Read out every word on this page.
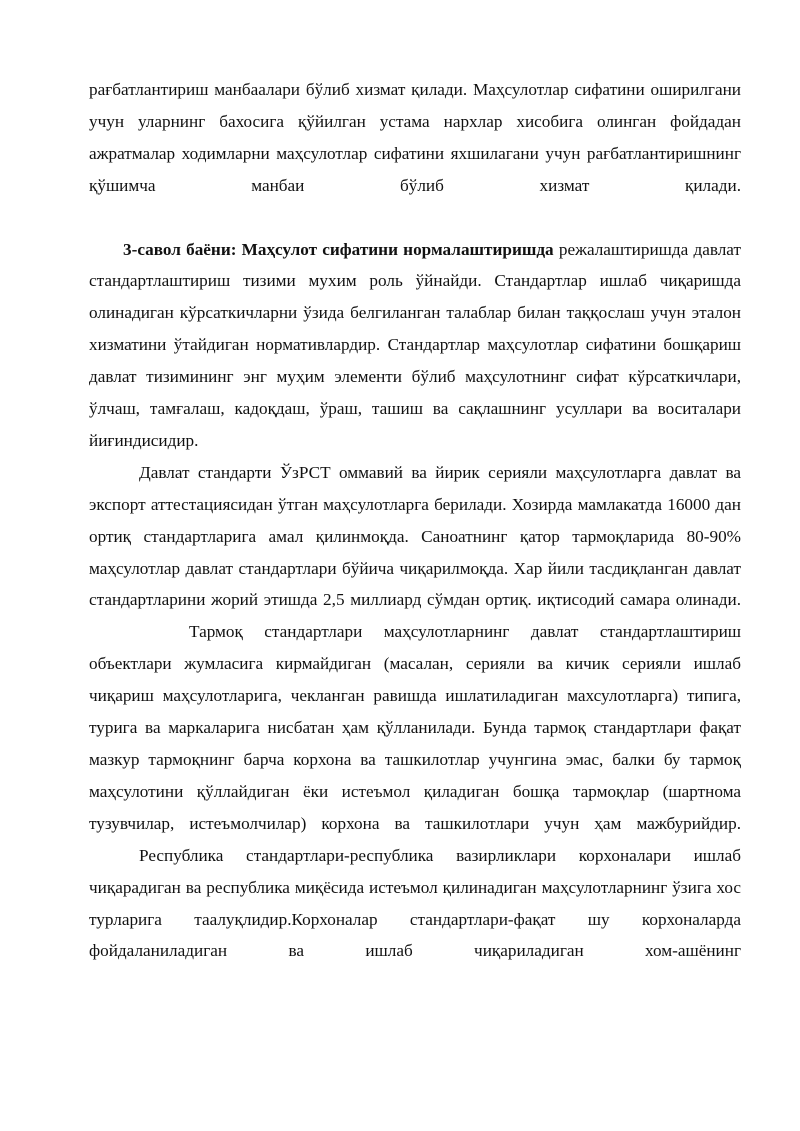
рағбатлантириш манбаалари бўлиб хизмат қилади. Маҳсулотлар сифатини оширилгани учун уларнинг бахосига қўйилган устама нархлар хисобига олинган фойдадан ажратмалар ходимларни маҳсулотлар сифатини яхшилагани учун рағбатлантиришнинг қўшимча манбаи бўлиб хизмат қилади.

3-савол баёни: Маҳсулот сифатини нормалаштиришда режалаштиришда давлат стандартлаштириш тизими мухим роль ўйнайди. Стандартлар ишлаб чиқаришда олинадиган кўрсаткичларни ўзида белгиланган талаблар билан таққослаш учун эталон хизматини ўтайдиган нормативлардир. Стандартлар маҳсулотлар сифатини бошқариш давлат тизимининг энг муҳим элементи бўлиб маҳсулотнинг сифат кўрсаткичлари, ўлчаш, тамғалаш, кадоқдаш, ўраш, ташиш ва сақлашнинг усуллари ва воситалари йиғиндисидир.

Давлат стандарти ЎзРСТ оммавий ва йирик серияли маҳсулотларга давлат ва экспорт аттестациясидан ўтган маҳсулотларга берилади. Хозирда мамлакатда 16000 дан ортиқ стандартларига амал қилинмоқда. Саноатнинг қатор тармоқларида 80-90% маҳсулотлар давлат стандартлари бўйича чиқарилмоқда. Хар йили тасдиқланган давлат стандартларини жорий этишда 2,5 миллиард сўмдан ортиқ. иқтисодий самара олинади.

Тармоқ стандартлари маҳсулотларнинг давлат стандартлаштириш объектлари жумласига кирмайдиган (масалан, серияли ва кичик серияли ишлаб чиқариш маҳсулотларига, чекланган равишда ишлатиладиган мах​сулотларга) типига, турига ва маркаларига нисбатан ҳам қўлланилади. Бунда тармоқ стандартлари фақат мазкур тармоқнинг барча корхона ва ташкилотлар учунгина эмас, балки бу тармоқ маҳсулотини қўллайдиган ёки истеъмол қиладиган бошқа тармоқлар (шартнома тузувчилар, истеъмолчилар) корхона ва ташкилотлари учун ҳам мажбурийдир.

Республика стандартлари-республика вазирликлари корхоналари ишлаб чиқарадиган ва республика миқёсида истеъмол қилинадиган маҳсулотларнинг ўзига хос турларига таалуқлидир.Корхоналар стандартлари-фақат шу корхоналарда фойдаланиладиган ва ишлаб чиқариладиган хом-ашёнинг
